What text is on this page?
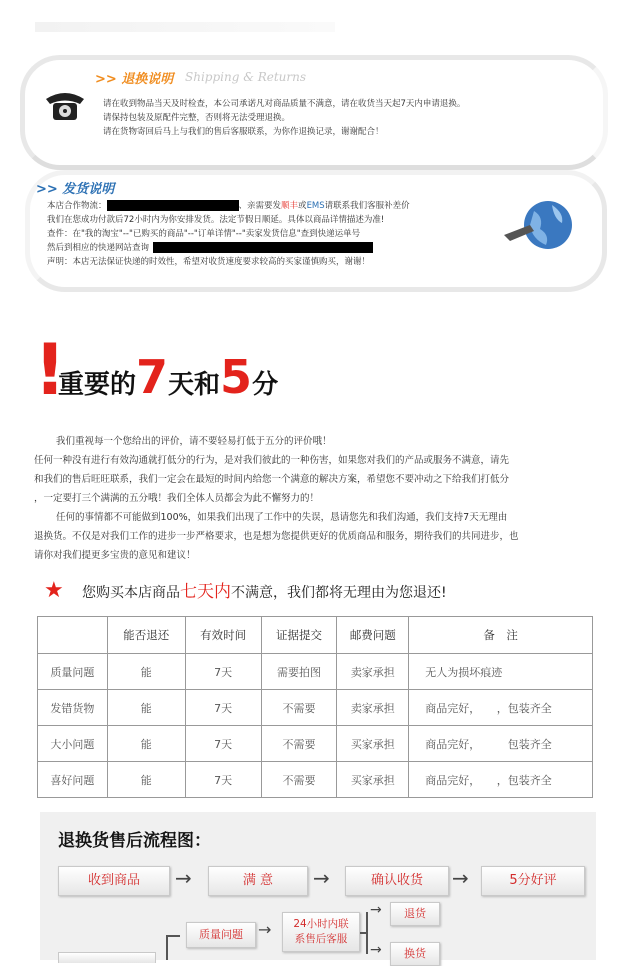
>> 退换说明 Shipping & Returns
请在收到物品当天及时检查，本公司承诺凡对商品质量不满意，请在收货当天起7天内申请退换。
请保持包装及原配件完整，否则将无法受理退换。
请在货物寄回后马上与我们的售后客服联系，为你作退换记录，谢谢配合！
>> 发货说明
本店合作物流：	、亲需要发顺丰或EMS请联系我们客服补差价
我们在您成功付款后72小时内为你安排发货。法定节假日顺延。具体以商品详情描述为准!
查件：在"我的淘宝"--"已购买的商品"--"订单详情"--"卖家发货信息"查到快递运单号
然后到相应的快递网站查询
声明：本店无法保证快递的时效性，希望对收货速度要求较高的买家谨慎购买，谢谢！
!
重要的7天和5分
我们重视每一个您给出的评价，请不要轻易打低于五分的评价哦！
任何一种没有进行有效沟通就打低分的行为，是对我们彼此的一种伤害，如果您对我们的产品或服务不满意，请先
和我们的售后旺旺联系，我们一定会在最短的时间内给您一个满意的解决方案，希望您不要冲动之下给我们打低分
，一定要打三个满满的五分哦！我们全体人员都会为此不懈努力的！
任何的事情都不可能做到100%，如果我们出现了工作中的失误，恳请您先和我们沟通，我们支持7天无理由
退换货。不仅是对我们工作的进步一步严格要求，也是想为您提供更好的优质商品和服务，期待我们的共同进步，也
请你对我们提更多宝贵的意见和建议！
★ 您购买本店商品七天内不满意，我们都将无理由为您退还!
	能否退还	有效时间	证据提交	邮费问题	备　注
质量问题	能	7天	需要拍图	卖家承担	无人为损坏痕迹
发错货物	能	7天	不需要	卖家承担	商品完好，　　，包装齐全
大小问题	能	7天	不需要	买家承担	商品完好，　　　包装齐全
喜好问题	能	7天	不需要	买家承担	商品完好，　　，包装齐全
退换货售后流程图：
收到商品	→	满 意	→	确认收货	→	5分好评
质量问题 →	24小时内联
系售后客服
→
→
退货
换货
